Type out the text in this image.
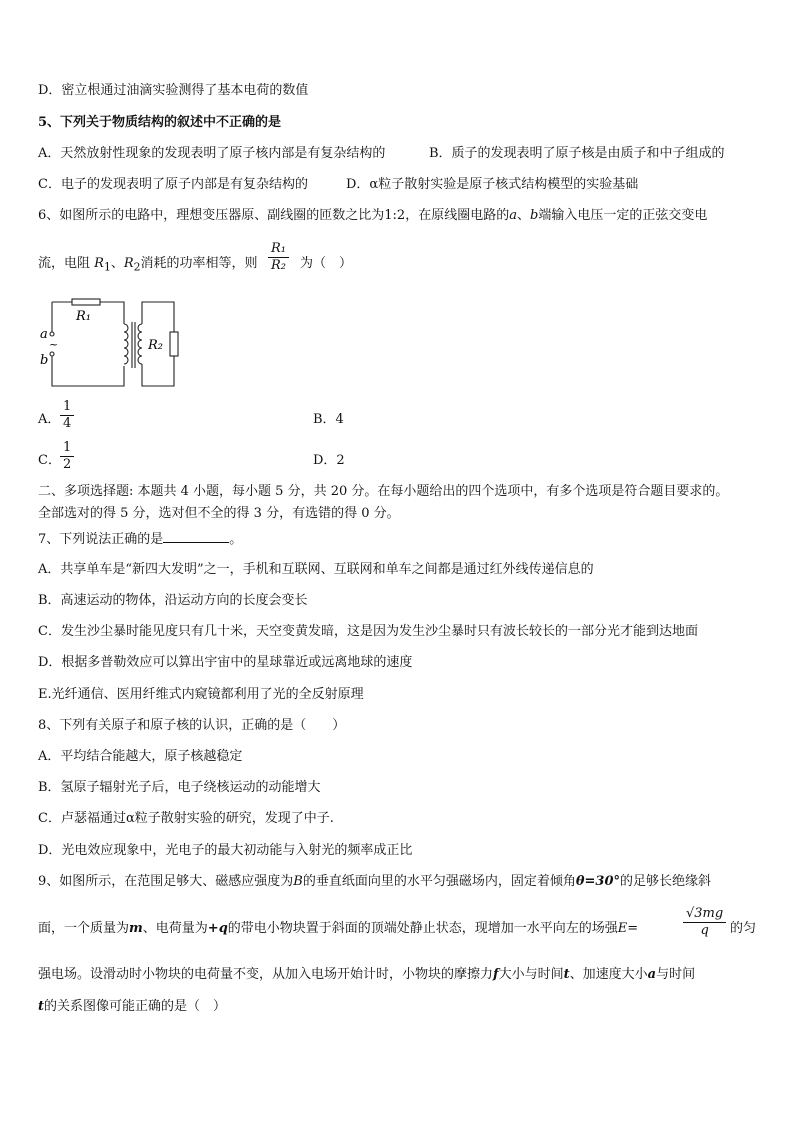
D．密立根通过油滴实验测得了基本电荷的数值
5、下列关于物质结构的叙述中不正确的是
A．天然放射性现象的发现表明了原子核内部是有复杂结构的	B．质子的发现表明了原子核是由质子和中子组成的
C．电子的发现表明了原子内部是有复杂结构的	D．α粒子散射实验是原子核式结构模型的实验基础
6、如图所示的电路中，理想变压器原、副线圈的匝数之比为1:2，在原线圈电路的a、b端输入电压一定的正弦交变电
流，电阻 $R_1$、$R_2$消耗的功率相等，则 $\frac{\text{R₁}}{\text{R₂}}$ 为（　）
R₁
R₂
a
b
~
A． $\frac{1}{4}$	B．4
C． $\frac{1}{2}$	D．2
二、多项选择题: 本题共 4 小题，每小题 5 分，共 20 分。在每小题给出的四个选项中，有多个选项是符合题目要求的。
全部选对的得 5 分，选对但不全的得 3 分，有选错的得 0 分。
7、下列说法正确的是	。
A．共享单车是“新四大发明”之一，手机和互联网、互联网和单车之间都是通过红外线传递信息的
B．高速运动的物体，沿运动方向的长度会变长
C．发生沙尘暴时能见度只有几十米，天空变黄发暗，这是因为发生沙尘暴时只有波长较长的一部分光才能到达地面
D．根据多普勒效应可以算出宇宙中的星球靠近或远离地球的速度
E.光纤通信、医用纤维式内窥镜都利用了光的全反射原理
8、下列有关原子和原子核的认识，正确的是（　　）
A．平均结合能越大，原子核越稳定
B．氢原子辐射光子后，电子绕核运动的动能增大
C．卢瑟福通过α粒子散射实验的研究，发现了中子.
D．光电效应现象中，光电子的最大初动能与入射光的频率成正比
9、如图所示，在范围足够大、磁感应强度为B的垂直纸面向里的水平匀强磁场内，固定着倾角θ=30°的足够长绝缘斜
面，一个质量为m、电荷量为+q的带电小物块置于斜面的顶端处静止状态，现增加一水平向左的场强E=	$\frac{√3mg}{q}$ 的匀
强电场。设滑动时小物块的电荷量不变，从加入电场开始计时，小物块的摩擦力f大小与时间t、加速度大小a与时间
t的关系图像可能正确的是（　）
